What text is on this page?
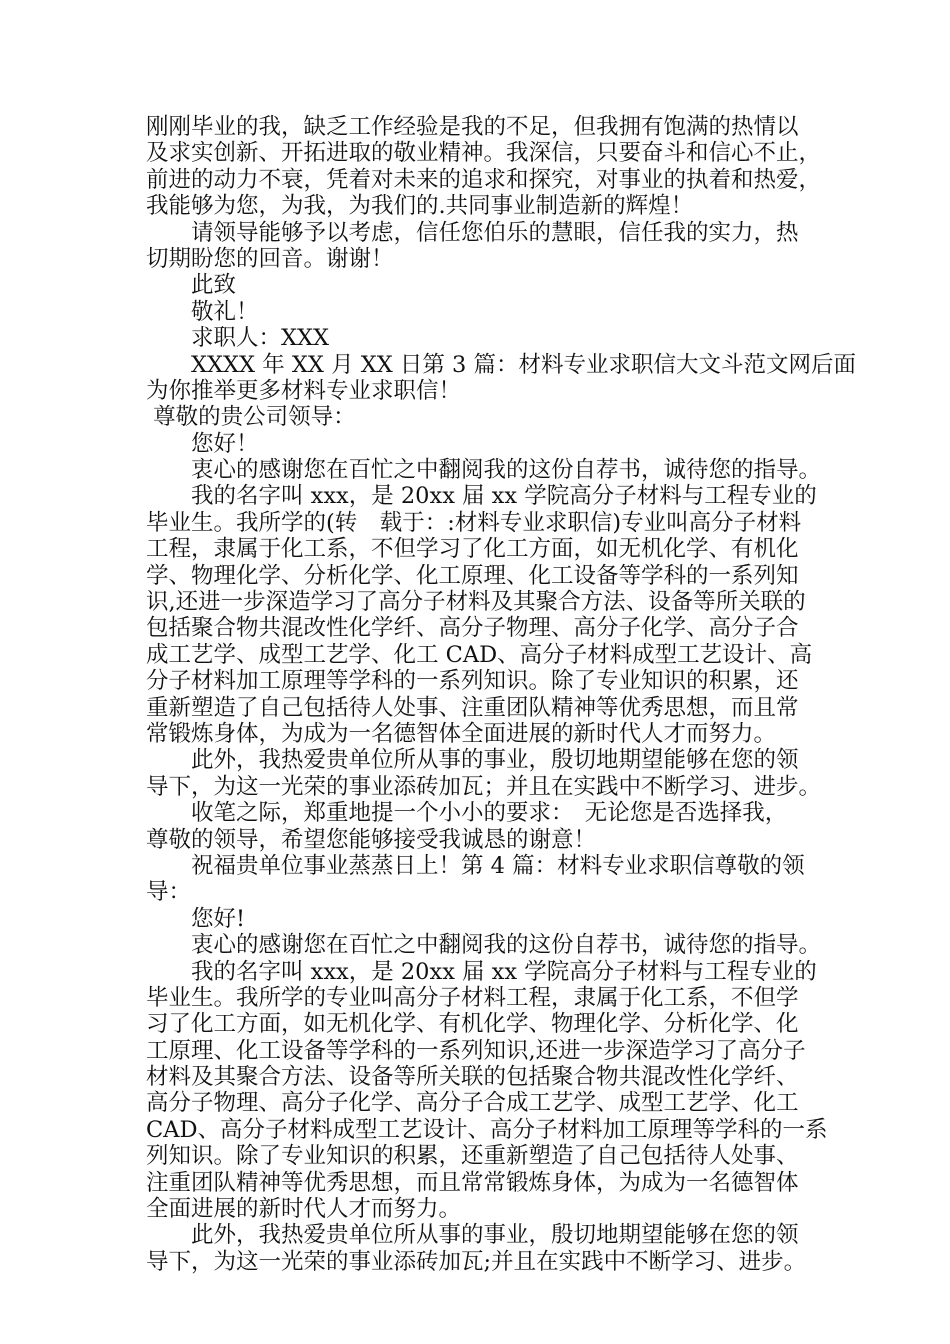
刚刚毕业的我，缺乏工作经验是我的不足，但我拥有饱满的热情以
及求实创新、开拓进取的敬业精神。我深信，只要奋斗和信心不止，
前进的动力不衰，凭着对未来的追求和探究，对事业的执着和热爱，
我能够为您，为我，为我们的.共同事业制造新的辉煌！
　　请领导能够予以考虑，信任您伯乐的慧眼，信任我的实力，热
切期盼您的回音。谢谢！
　　此致
　　敬礼！
　　求职人：XXX
　　XXXX 年 XX 月 XX 日第 3 篇：材料专业求职信大文斗范文网后面
为你推举更多材料专业求职信！
尊敬的贵公司领导：
　　您好！
　　衷心的感谢您在百忙之中翻阅我的这份自荐书，诚待您的指导。
　　我的名字叫 xxx，是 20xx 届 xx 学院高分子材料与工程专业的
毕业生。我所学的(转　载于：:材料专业求职信)专业叫高分子材料
工程，隶属于化工系，不但学习了化工方面，如无机化学、有机化
学、物理化学、分析化学、化工原理、化工设备等学科的一系列知
识,还进一步深造学习了高分子材料及其聚合方法、设备等所关联的
包括聚合物共混改性化学纤、高分子物理、高分子化学、高分子合
成工艺学、成型工艺学、化工 CAD、高分子材料成型工艺设计、高
分子材料加工原理等学科的一系列知识。除了专业知识的积累，还
重新塑造了自己包括待人处事、注重团队精神等优秀思想，而且常
常锻炼身体，为成为一名德智体全面进展的新时代人才而努力。
　　此外，我热爱贵单位所从事的事业，殷切地期望能够在您的领
导下，为这一光荣的事业添砖加瓦；并且在实践中不断学习、进步。
　　收笔之际，郑重地提一个小小的要求：　无论您是否选择我，
尊敬的领导，希望您能够接受我诚恳的谢意！
　　祝福贵单位事业蒸蒸日上！第 4 篇：材料专业求职信尊敬的领
导：
　　您好!
　　衷心的感谢您在百忙之中翻阅我的这份自荐书，诚待您的指导。
　　我的名字叫 xxx，是 20xx 届 xx 学院高分子材料与工程专业的
毕业生。我所学的专业叫高分子材料工程，隶属于化工系，不但学
习了化工方面，如无机化学、有机化学、物理化学、分析化学、化
工原理、化工设备等学科的一系列知识,还进一步深造学习了高分子
材料及其聚合方法、设备等所关联的包括聚合物共混改性化学纤、
高分子物理、高分子化学、高分子合成工艺学、成型工艺学、化工
CAD、高分子材料成型工艺设计、高分子材料加工原理等学科的一系
列知识。除了专业知识的积累，还重新塑造了自己包括待人处事、
注重团队精神等优秀思想，而且常常锻炼身体，为成为一名德智体
全面进展的新时代人才而努力。
　　此外，我热爱贵单位所从事的事业，殷切地期望能够在您的领
导下，为这一光荣的事业添砖加瓦;并且在实践中不断学习、进步。
